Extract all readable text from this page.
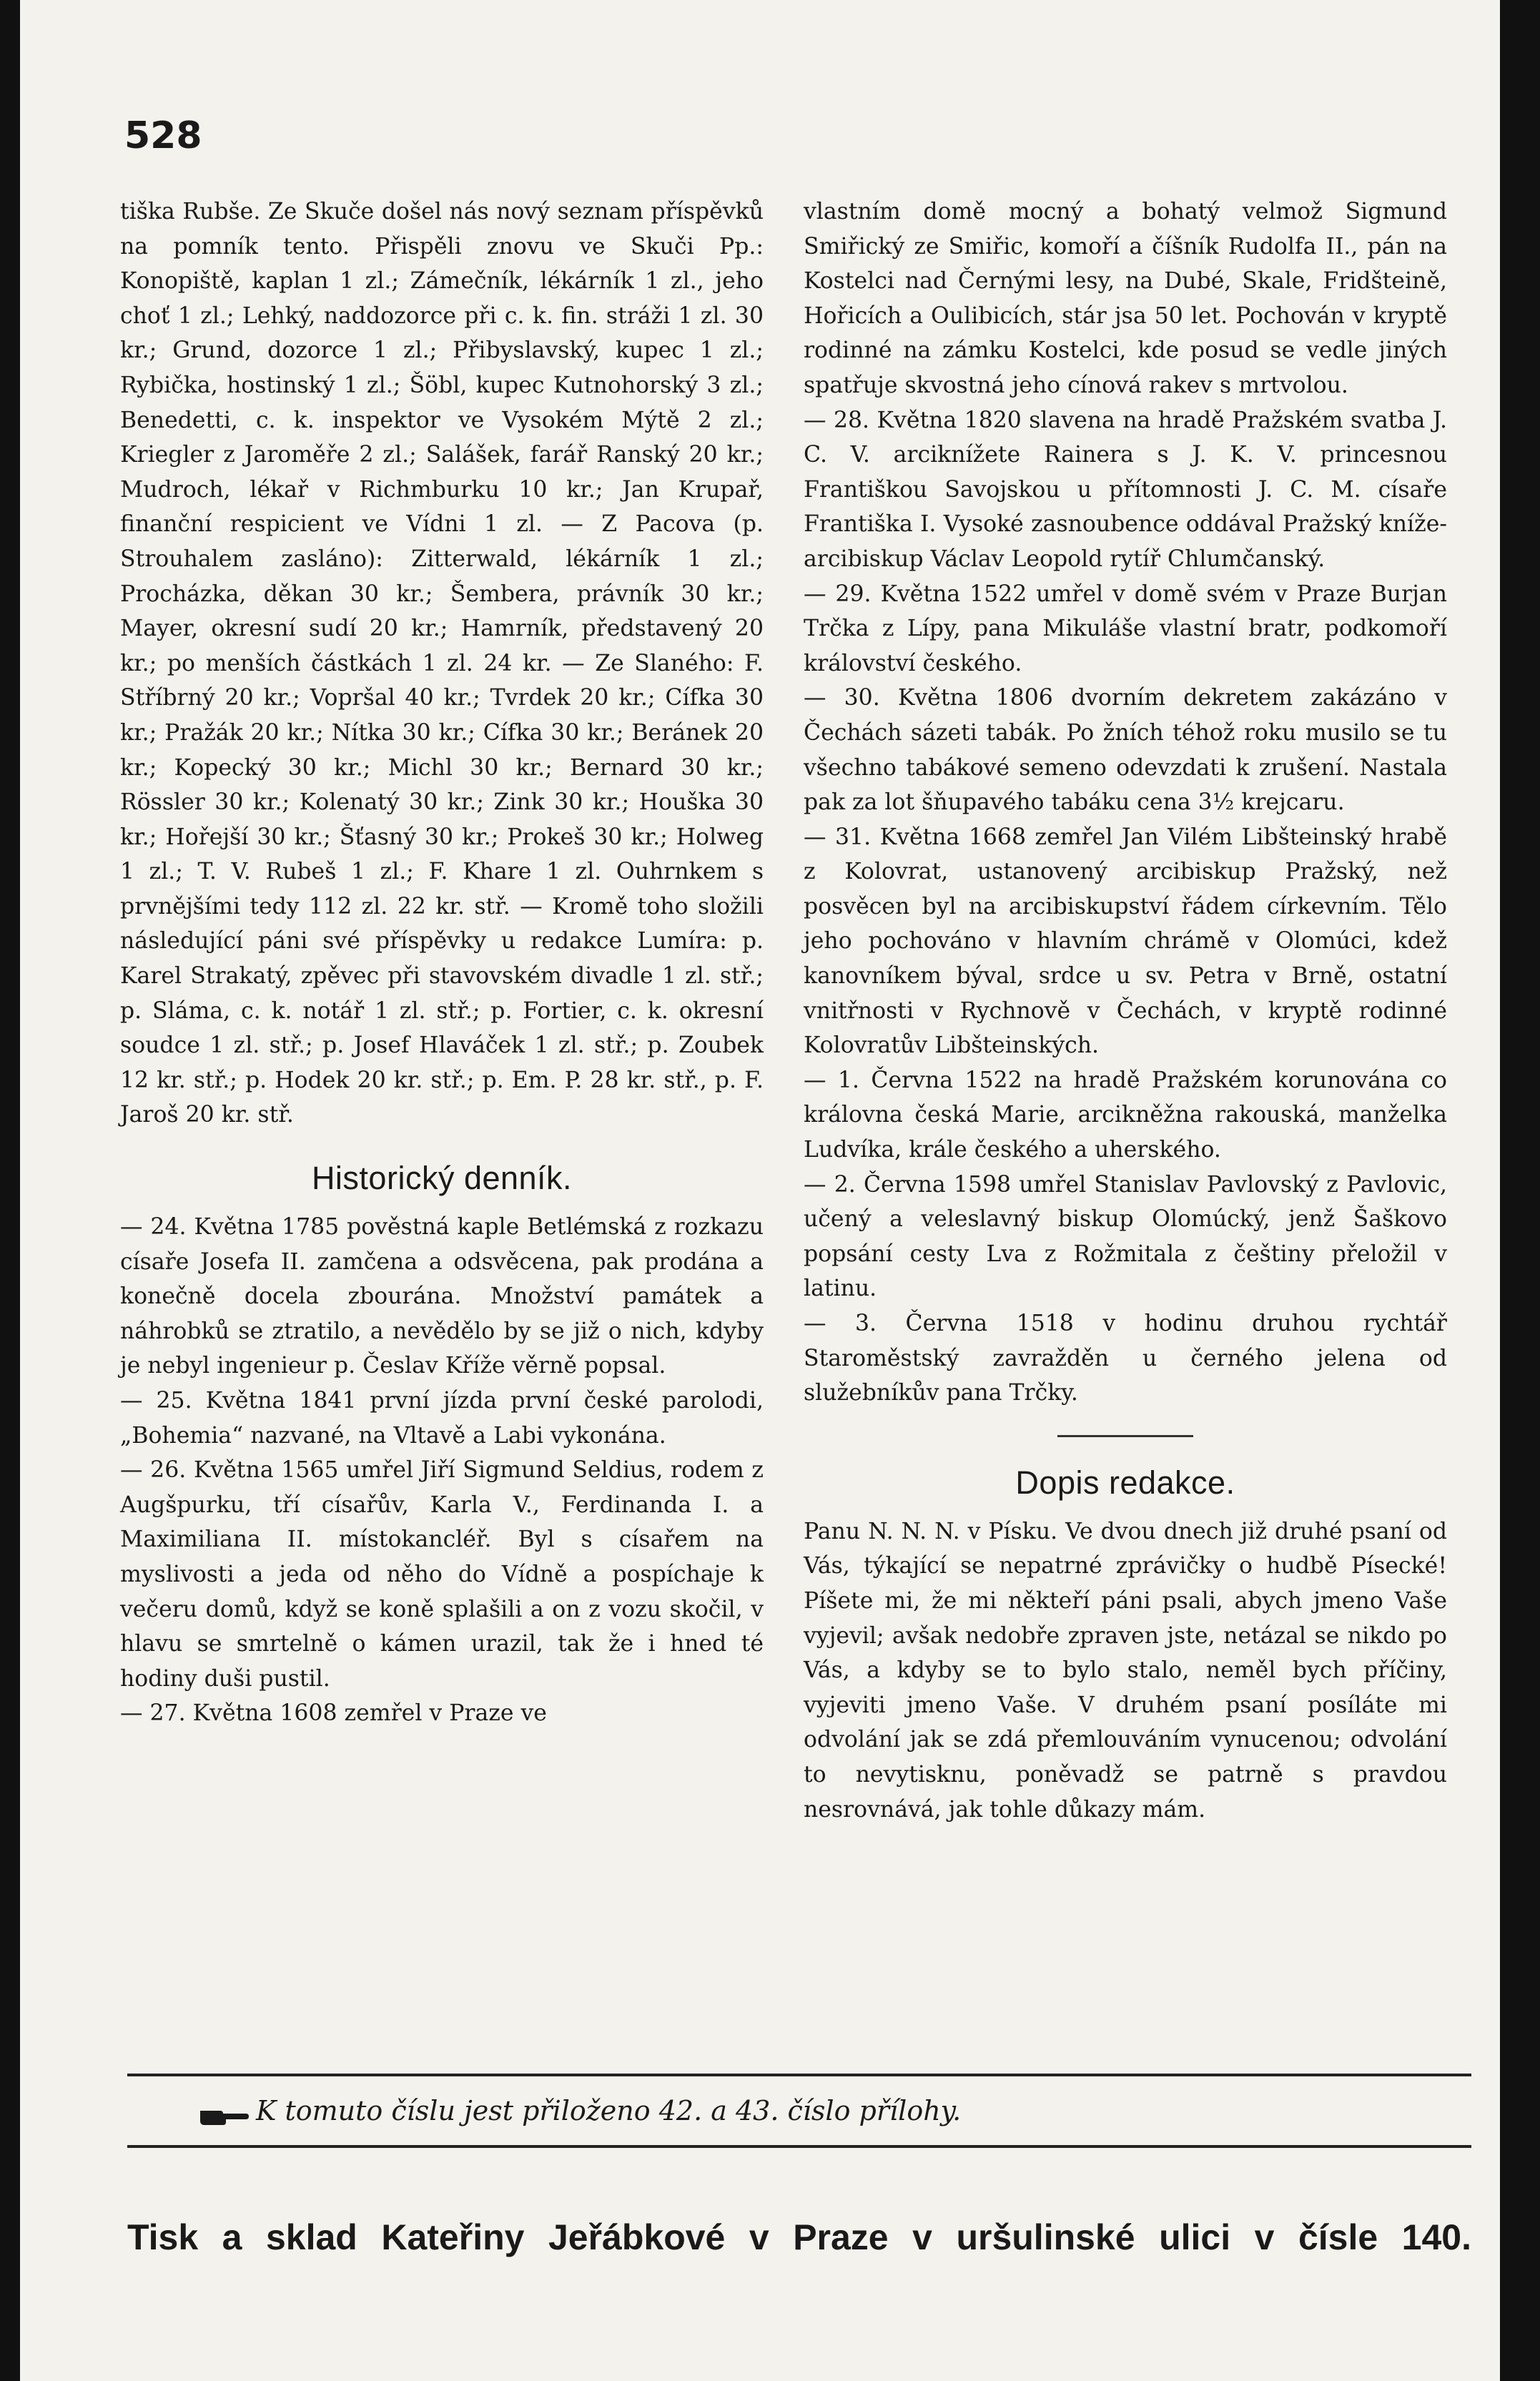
528

tiška Rubše. Ze Skuče došel nás nový seznam příspěvků na pomník tento. Přispěli znovu ve Skuči Pp.: Konopiště, kaplan 1 zl.; Zámečník, lékárník 1 zl., jeho choť 1 zl.; Lehký, naddozorce při c. k. fin. stráži 1 zl. 30 kr.; Grund, dozorce 1 zl.; Přibyslavský, kupec 1 zl.; Rybička, hostinský 1 zl.; Šöbl, kupec Kutnohorský 3 zl.; Benedetti, c. k. inspektor ve Vysokém Mýtě 2 zl.; Kriegler z Jaroměře 2 zl.; Salášek, farář Ranský 20 kr.; Mudroch, lékař v Richmburku 10 kr.; Jan Krupař, finanční respicient ve Vídni 1 zl. — Z Pacova (p. Strouhalem zasláno): Zitterwald, lékárník 1 zl.; Procházka, děkan 30 kr.; Šembera, právník 30 kr.; Mayer, okresní sudí 20 kr.; Hamrník, představený 20 kr.; po menších částkách 1 zl. 24 kr. — Ze Slaného: F. Stříbrný 20 kr.; Vopršal 40 kr.; Tvrdek 20 kr.; Cífka 30 kr.; Pražák 20 kr.; Nítka 30 kr.; Cífka 30 kr.; Beránek 20 kr.; Kopecký 30 kr.; Michl 30 kr.; Bernard 30 kr.; Rössler 30 kr.; Kolenatý 30 kr.; Zink 30 kr.; Houška 30 kr.; Hořejší 30 kr.; Šťasný 30 kr.; Prokeš 30 kr.; Holweg 1 zl.; T. V. Rubeš 1 zl.; F. Khare 1 zl. Ouhrnkem s prvnějšími tedy 112 zl. 22 kr. stř. — Kromě toho složili následující páni své příspěvky u redakce Lumíra: p. Karel Strakatý, zpěvec při stavovském divadle 1 zl. stř.; p. Sláma, c. k. notář 1 zl. stř.; p. Fortier, c. k. okresní soudce 1 zl. stř.; p. Josef Hlaváček 1 zl. stř.; p. Zoubek 12 kr. stř.; p. Hodek 20 kr. stř.; p. Em. P. 28 kr. stř., p. F. Jaroš 20 kr. stř.

Historický denník.

— 24. Května 1785 pověstná kaple Betlémská z rozkazu císaře Josefa II. zamčena a odsvěcena, pak prodána a konečně docela zbourána. Množství památek a náhrobků se ztratilo, a nevědělo by se již o nich, kdyby je nebyl ingenieur p. Česlav Kříže věrně popsal.

— 25. Května 1841 první jízda první české parolodi, „Bohemia“ nazvané, na Vltavě a Labi vykonána.

— 26. Května 1565 umřel Jiří Sigmund Seldius, rodem z Augšpurku, tří císařův, Karla V., Ferdinanda I. a Maximiliana II. místokancléř. Byl s císařem na myslivosti a jeda od něho do Vídně a pospíchaje k večeru domů, když se koně splašili a on z vozu skočil, v hlavu se smrtelně o kámen urazil, tak že i hned té hodiny duši pustil.

— 27. Května 1608 zemřel v Praze ve

vlastním domě mocný a bohatý velmož Sigmund Smiřický ze Smiřic, komoří a číšník Rudolfa II., pán na Kostelci nad Černými lesy, na Dubé, Skale, Fridšteině, Hořicích a Oulibicích, stár jsa 50 let. Pochován v kryptě rodinné na zámku Kostelci, kde posud se vedle jiných spatřuje skvostná jeho cínová rakev s mrtvolou.

— 28. Května 1820 slavena na hradě Pražském svatba J. C. V. arciknížete Rainera s J. K. V. princesnou Františkou Savojskou u přítomnosti J. C. M. císaře Františka I. Vysoké zasnoubence oddával Pražský kníže-arcibiskup Václav Leopold rytíř Chlumčanský.

— 29. Května 1522 umřel v domě svém v Praze Burjan Trčka z Lípy, pana Mikuláše vlastní bratr, podkomoří království českého.

— 30. Května 1806 dvorním dekretem zakázáno v Čechách sázeti tabák. Po žních téhož roku musilo se tu všechno tabákové semeno odevzdati k zrušení. Nastala pak za lot šňupavého tabáku cena 3½ krejcaru.

— 31. Května 1668 zemřel Jan Vilém Libšteinský hrabě z Kolovrat, ustanovený arcibiskup Pražský, než posvěcen byl na arcibiskupství řádem církevním. Tělo jeho pochováno v hlavním chrámě v Olomúci, kdež kanovníkem býval, srdce u sv. Petra v Brně, ostatní vnitřnosti v Rychnově v Čechách, v kryptě rodinné Kolovratův Libšteinských.

— 1. Června 1522 na hradě Pražském korunována co královna česká Marie, arcikněžna rakouská, manželka Ludvíka, krále českého a uherského.

— 2. Června 1598 umřel Stanislav Pavlovský z Pavlovic, učený a veleslavný biskup Olomúcký, jenž Šaškovo popsání cesty Lva z Rožmitala z češtiny přeložil v latinu.

— 3. Června 1518 v hodinu druhou rychtář Staroměstský zavražděn u černého jelena od služebníkův pana Trčky.

Dopis redakce.

Panu N. N. N. v Písku. Ve dvou dnech již druhé psaní od Vás, týkající se nepatrné zprávičky o hudbě Písecké! Píšete mi, že mi někteří páni psali, abych jmeno Vaše vyjevil; avšak nedobře zpraven jste, netázal se nikdo po Vás, a kdyby se to bylo stalo, neměl bych příčiny, vyjeviti jmeno Vaše. V druhém psaní posíláte mi odvolání jak se zdá přemlouváním vynucenou; odvolání to nevytisknu, poněvadž se patrně s pravdou nesrovnává, jak tohle důkazy mám.

K tomuto číslu jest přiloženo 42. a 43. číslo přílohy.
Tisk a sklad Kateřiny Jeřábkové v Praze v uršulinské ulici v čísle 140.
